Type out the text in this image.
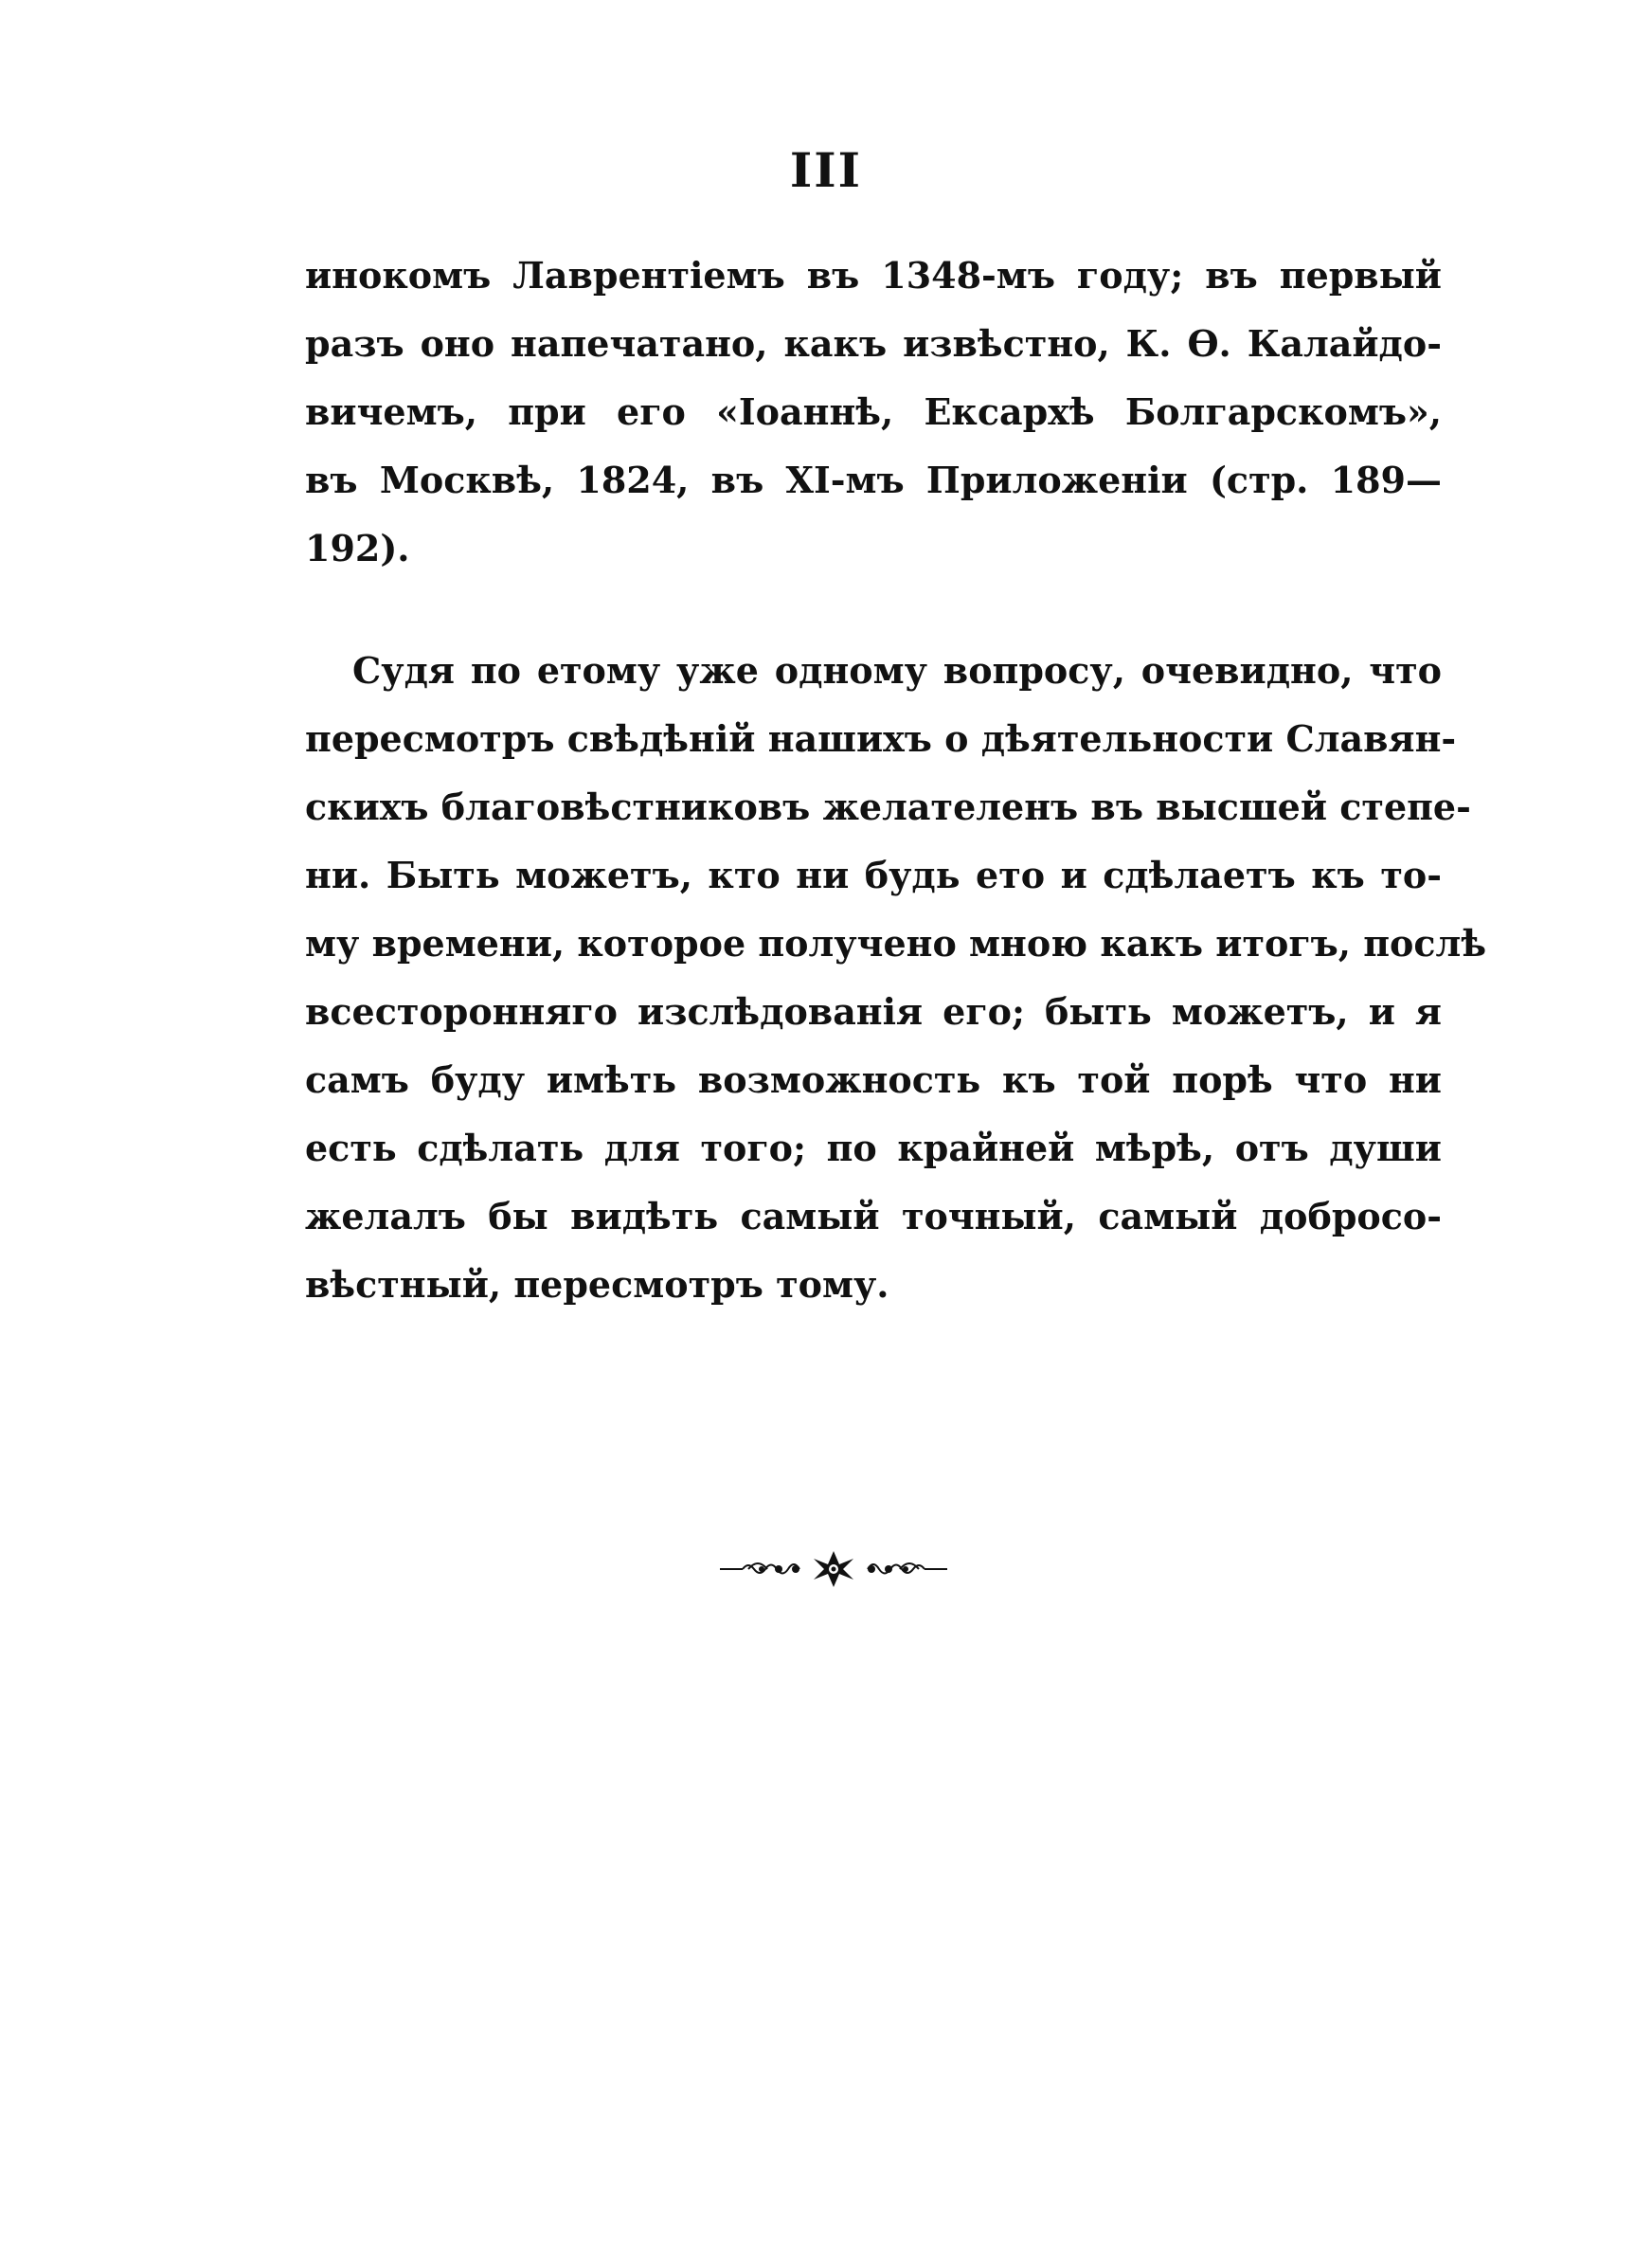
III
инокомъ Лаврентіемъ въ 1348-мъ году; въ первый
разъ оно напечатано, какъ извѣстно, К. Ѳ. Калайдо-
вичемъ, при его «Іоаннѣ, Ексархѣ Болгарскомъ»,
въ Москвѣ, 1824, въ XI-мъ Приложеніи (стр. 189—
192).
Судя по етому уже одному вопросу, очевидно, что
пересмотръ свѣдѣній нашихъ о дѣятельности Славян-
скихъ благовѣстниковъ желателенъ въ высшей степе-
ни. Быть можетъ, кто ни будь ето и сдѣлаетъ къ то-
му времени, которое получено мною какъ итогъ, послѣ
всесторонняго изслѣдованія его; быть можетъ, и я
самъ буду имѣть возможность къ той порѣ что ни
есть сдѣлать для того; по крайней мѣрѣ, отъ души
желалъ бы видѣть самый точный, самый добросо-
вѣстный, пересмотръ тому.
